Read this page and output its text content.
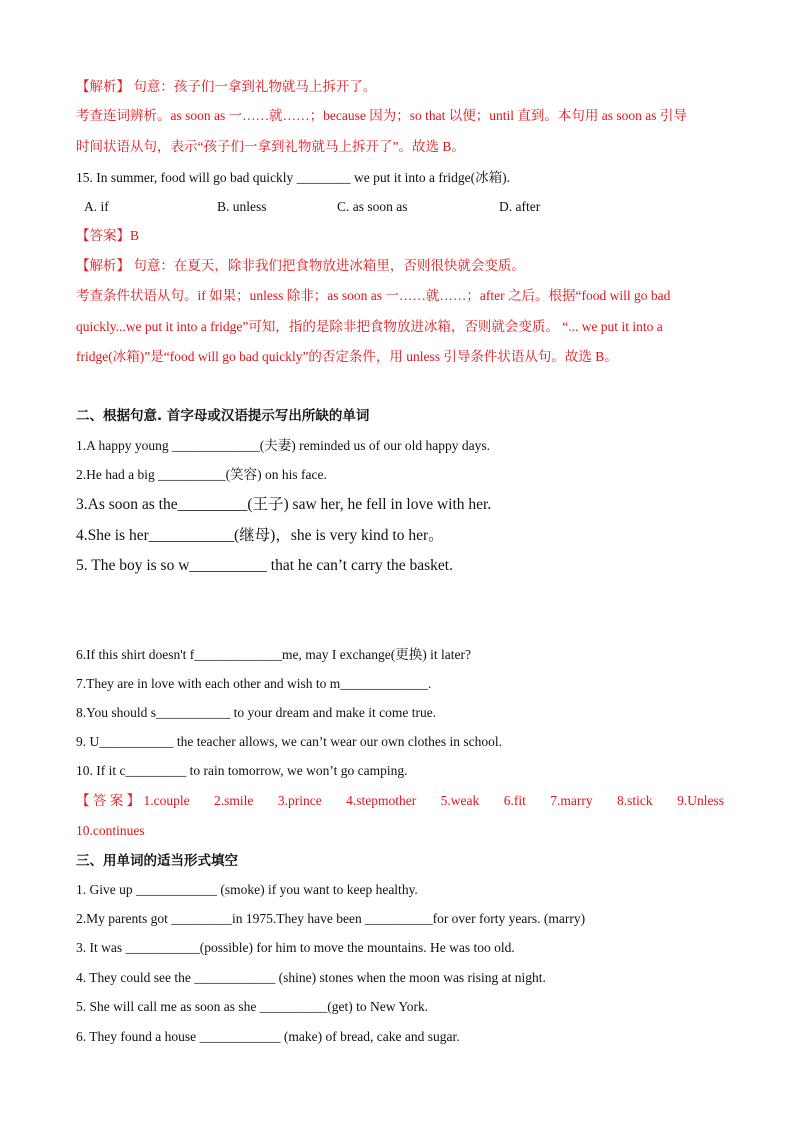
【解析】 句意：孩子们一拿到礼物就马上拆开了。
考查连词辨析。as soon as 一……就……；because 因为；so that 以便；until 直到。本句用 as soon as 引导
时间状语从句，表示“孩子们一拿到礼物就马上拆开了”。故选 B。
15. In summer, food will go bad quickly ________ we put it into a fridge(冰箱).
A. if	B. unless	C. as soon as	D. after
【答案】B
【解析】 句意：在夏天，除非我们把食物放进冰箱里，否则很快就会变质。
考查条件状语从句。if 如果；unless 除非；as soon as 一……就……；after 之后。根据“food will go bad
quickly...we put it into a fridge”可知，指的是除非把食物放进冰箱，否则就会变质。 “... we put it into a
fridge(冰箱)”是“food will go bad quickly”的否定条件，用 unless 引导条件状语从句。故选 B。
二、根据句意. 首字母或汉语提示写出所缺的单词
1.A happy young _____________(夫妻) reminded us of our old happy days.
2.He had a big __________(笑容) on his face.
3.As soon as the_________(王子) saw her, he fell in love with her.
4.She is her___________(继母)，she is very kind to her。
5. The boy is so w__________ that he can’t carry the basket.
6.If this shirt doesn't f_____________me, may I exchange(更换) it later?
7.They are in love with each other and wish to m_____________.
8.You should s___________ to your dream and make it come true.
9. U___________ the teacher allows, we can’t wear our own clothes in school.
10. If it c_________ to rain tomorrow, we won’t go camping.
【 答 案 】 1.couple 2.smile 3.prince 4.stepmother 5.weak 6.fit 7.marry 8.stick 9.Unless
10.continues
三、用单词的适当形式填空
1. Give up ____________ (smoke) if you want to keep healthy.
2.My parents got _________in 1975.They have been __________for over forty years. (marry)
3. It was ___________(possible) for him to move the mountains. He was too old.
4. They could see the ____________ (shine) stones when the moon was rising at night.
5. She will call me as soon as she __________(get) to New York.
6. They found a house ____________ (make) of bread, cake and sugar.
